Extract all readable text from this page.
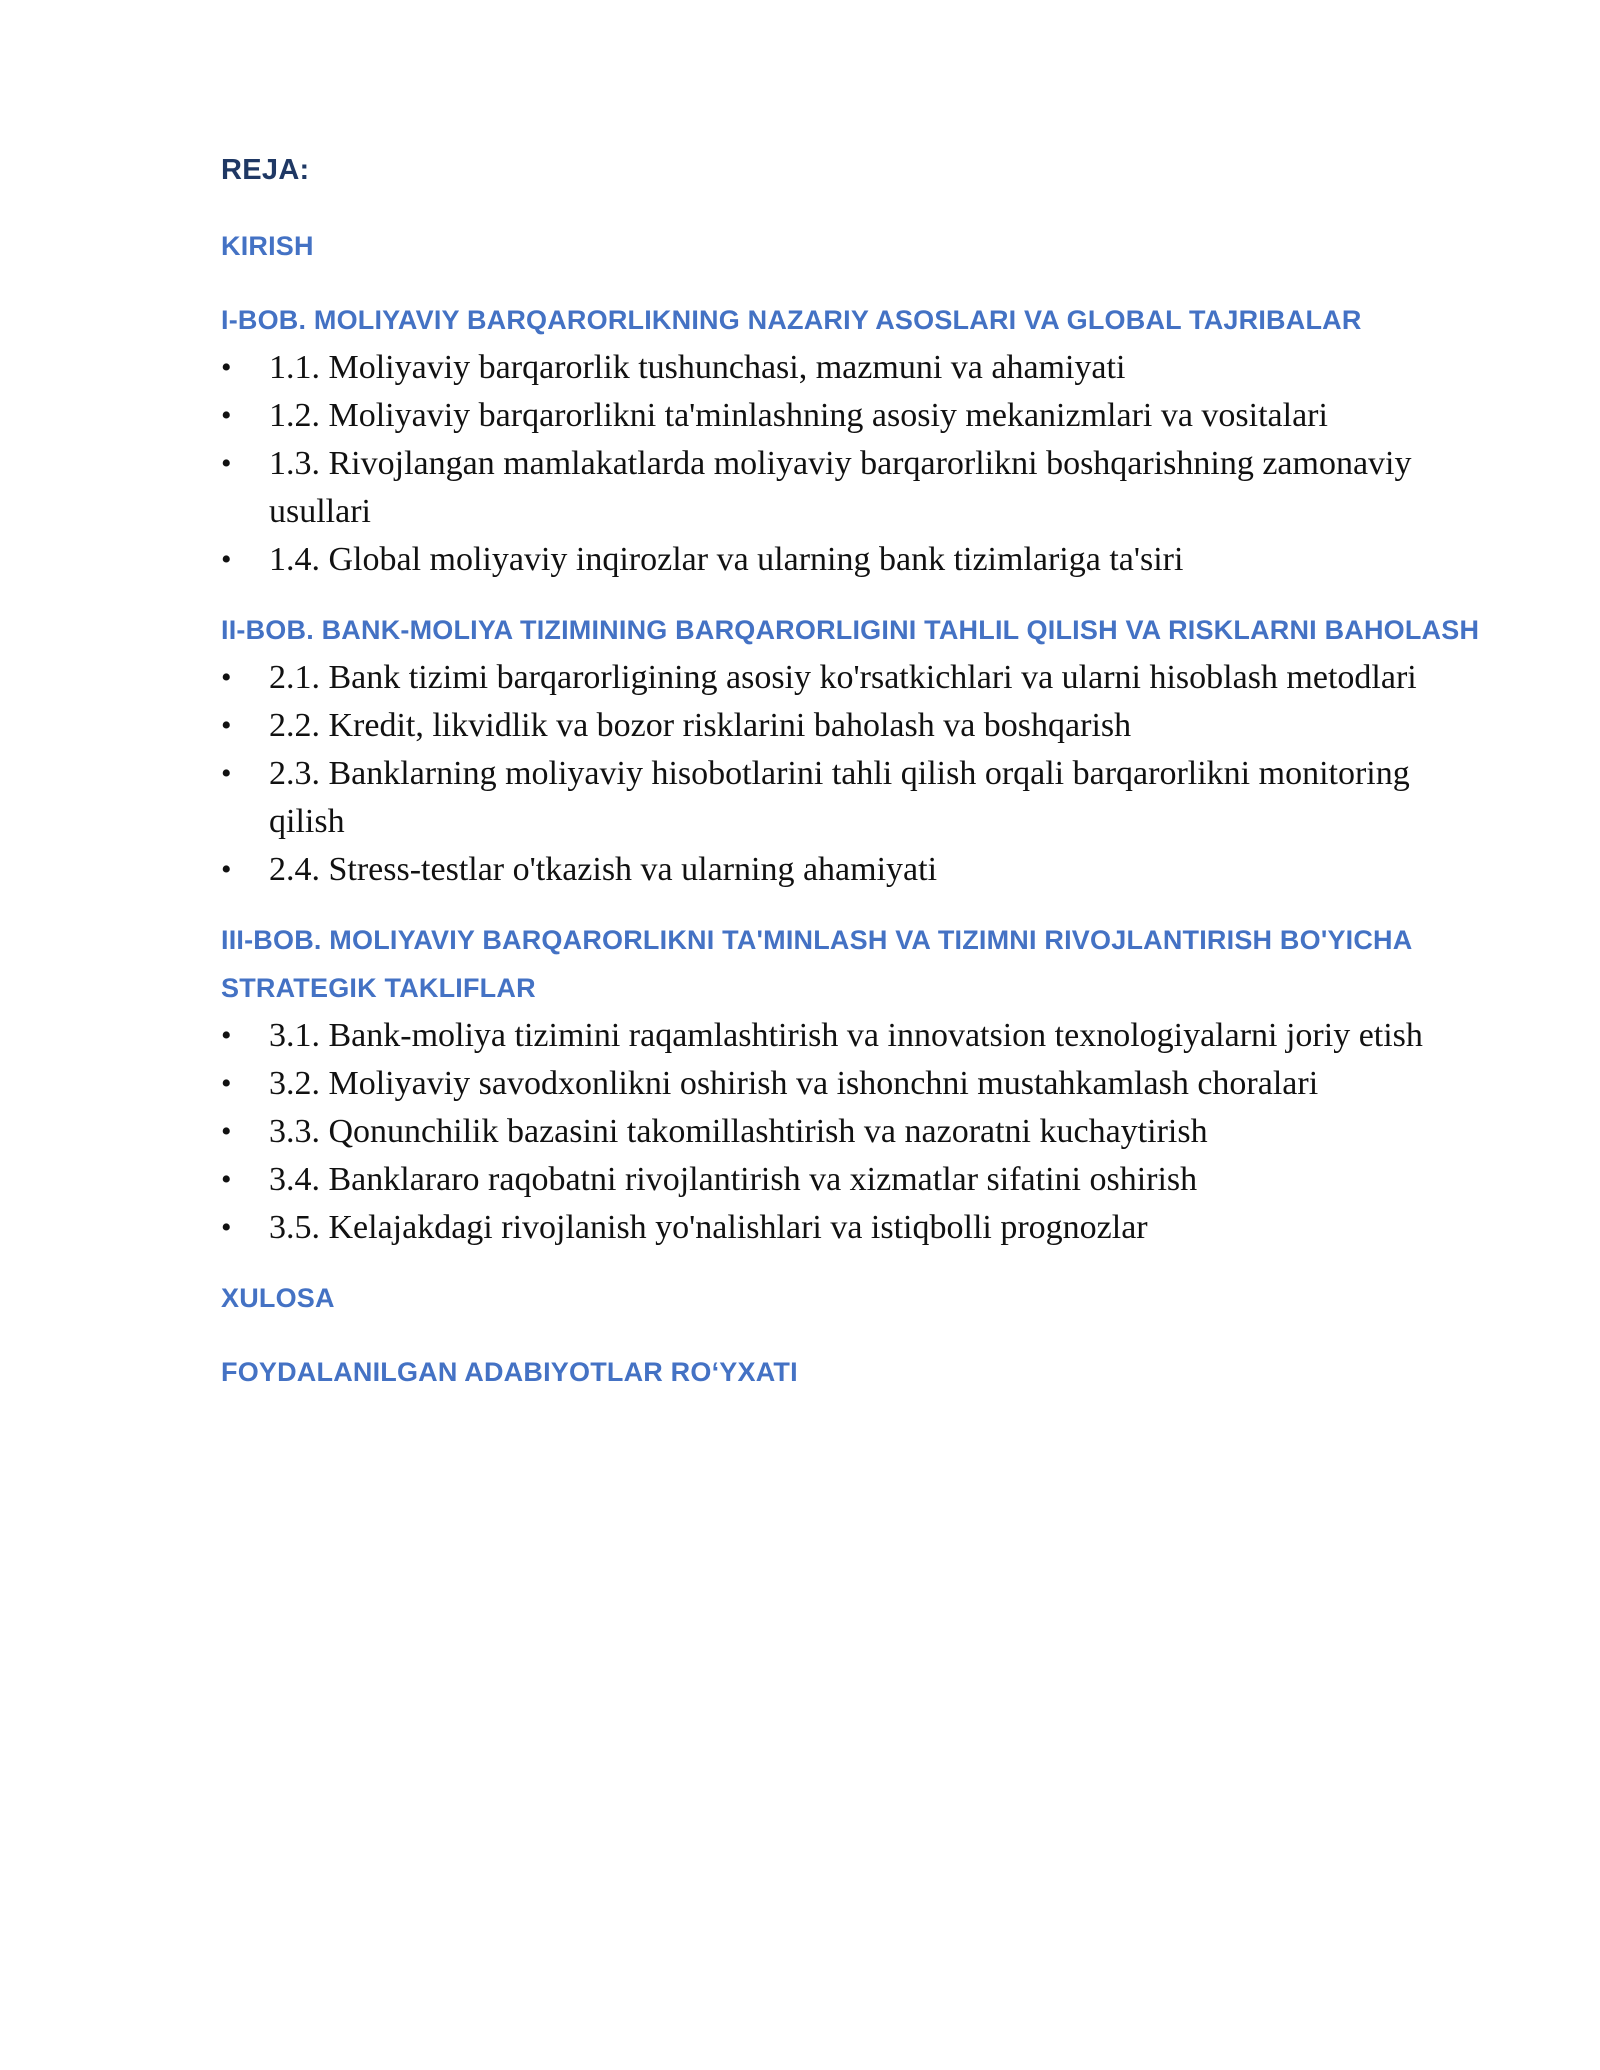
REJA:
KIRISH
I-BOB. MOLIYAVIY BARQARORLIKNING NAZARIY ASOSLARI VA GLOBAL TAJRIBALAR
• 1.1. Moliyaviy barqarorlik tushunchasi, mazmuni va ahamiyati
• 1.2. Moliyaviy barqarorlikni ta'minlashning asosiy mekanizmlari va vositalari
• 1.3. Rivojlangan mamlakatlarda moliyaviy barqarorlikni boshqarishning zamonaviy usullari
• 1.4. Global moliyaviy inqirozlar va ularning bank tizimlariga ta'siri
II-BOB. BANK-MOLIYA TIZIMINING BARQARORLIGINI TAHLIL QILISH VA RISKLARNI BAHOLASH
• 2.1. Bank tizimi barqarorligining asosiy ko'rsatkichlari va ularni hisoblash metodlari
• 2.2. Kredit, likvidlik va bozor risklarini baholash va boshqarish
• 2.3. Banklarning moliyaviy hisobotlarini tahli qilish orqali barqarorlikni monitoring qilish
• 2.4. Stress-testlar o'tkazish va ularning ahamiyati
III-BOB. MOLIYAVIY BARQARORLIKNI TA'MINLASH VA TIZIMNI RIVOJLANTIRISH BO'YICHA STRATEGIK TAKLIFLAR
• 3.1. Bank-moliya tizimini raqamlashtirish va innovatsion texnologiyalarni joriy etish
• 3.2. Moliyaviy savodxonlikni oshirish va ishonchni mustahkamlash choralari
• 3.3. Qonunchilik bazasini takomillashtirish va nazoratni kuchaytirish
• 3.4. Banklararo raqobatni rivojlantirish va xizmatlar sifatini oshirish
• 3.5. Kelajakdagi rivojlanish yo'nalishlari va istiqbolli prognozlar
XULOSA
FOYDALANILGAN ADABIYOTLAR RO‘YXATI
